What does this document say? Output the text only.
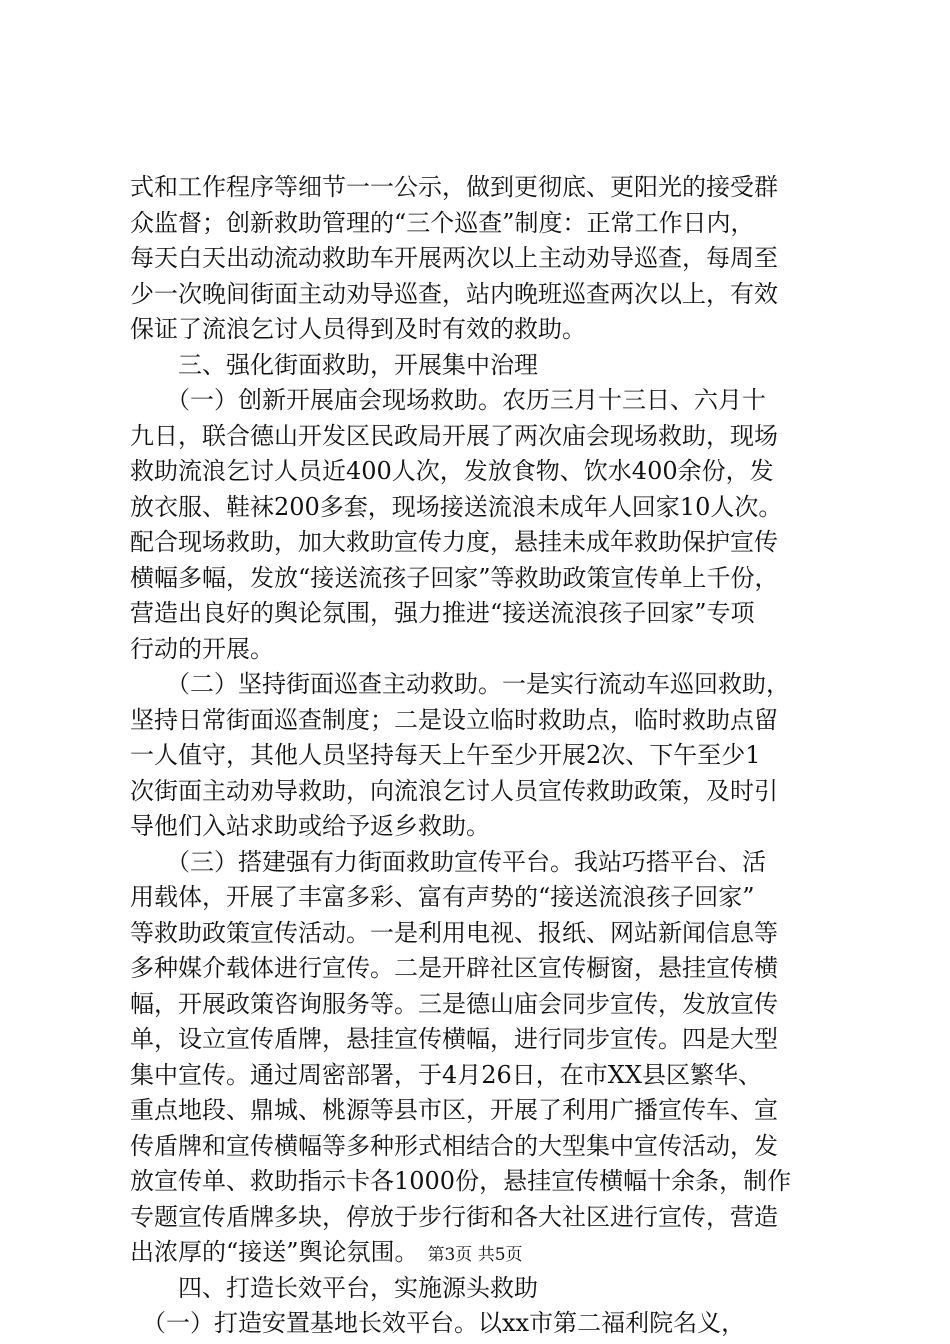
式和工作程序等细节一一公示，做到更彻底、更阳光的接受群
众监督；创新救助管理的“三个巡查”制度：正常工作日内，
每天白天出动流动救助车开展两次以上主动劝导巡查，每周至
少一次晚间街面主动劝导巡查，站内晚班巡查两次以上，有效
保证了流浪乞讨人员得到及时有效的救助。
　　三、强化街面救助，开展集中治理
　　（一）创新开展庙会现场救助。农历三月十三日、六月十
九日，联合德山开发区民政局开展了两次庙会现场救助，现场
救助流浪乞讨人员近400人次，发放食物、饮水400余份，发
放衣服、鞋袜200多套，现场接送流浪未成年人回家10人次。
配合现场救助，加大救助宣传力度，悬挂未成年救助保护宣传
横幅多幅，发放“接送流孩子回家”等救助政策宣传单上千份，
营造出良好的舆论氛围，强力推进“接送流浪孩子回家”专项
行动的开展。
　　（二）坚持街面巡查主动救助。一是实行流动车巡回救助，
坚持日常街面巡查制度；二是设立临时救助点，临时救助点留
一人值守，其他人员坚持每天上午至少开展2次、下午至少1
次街面主动劝导救助，向流浪乞讨人员宣传救助政策，及时引
导他们入站求助或给予返乡救助。
　　（三）搭建强有力街面救助宣传平台。我站巧搭平台、活
用载体，开展了丰富多彩、富有声势的“接送流浪孩子回家”
等救助政策宣传活动。一是利用电视、报纸、网站新闻信息等
多种媒介载体进行宣传。二是开辟社区宣传橱窗，悬挂宣传横
幅，开展政策咨询服务等。三是德山庙会同步宣传，发放宣传
单，设立宣传盾牌，悬挂宣传横幅，进行同步宣传。四是大型
集中宣传。通过周密部署，于4月26日，在市XX县区繁华、
重点地段、鼎城、桃源等县市区，开展了利用广播宣传车、宣
传盾牌和宣传横幅等多种形式相结合的大型集中宣传活动，发
放宣传单、救助指示卡各1000份，悬挂宣传横幅十余条，制作
专题宣传盾牌多块，停放于步行街和各大社区进行宣传，营造
出浓厚的“接送”舆论氛围。
　　四、打造长效平台，实施源头救助
　（一）打造安置基地长效平台。以xx市第二福利院名义，
第3页 共5页
